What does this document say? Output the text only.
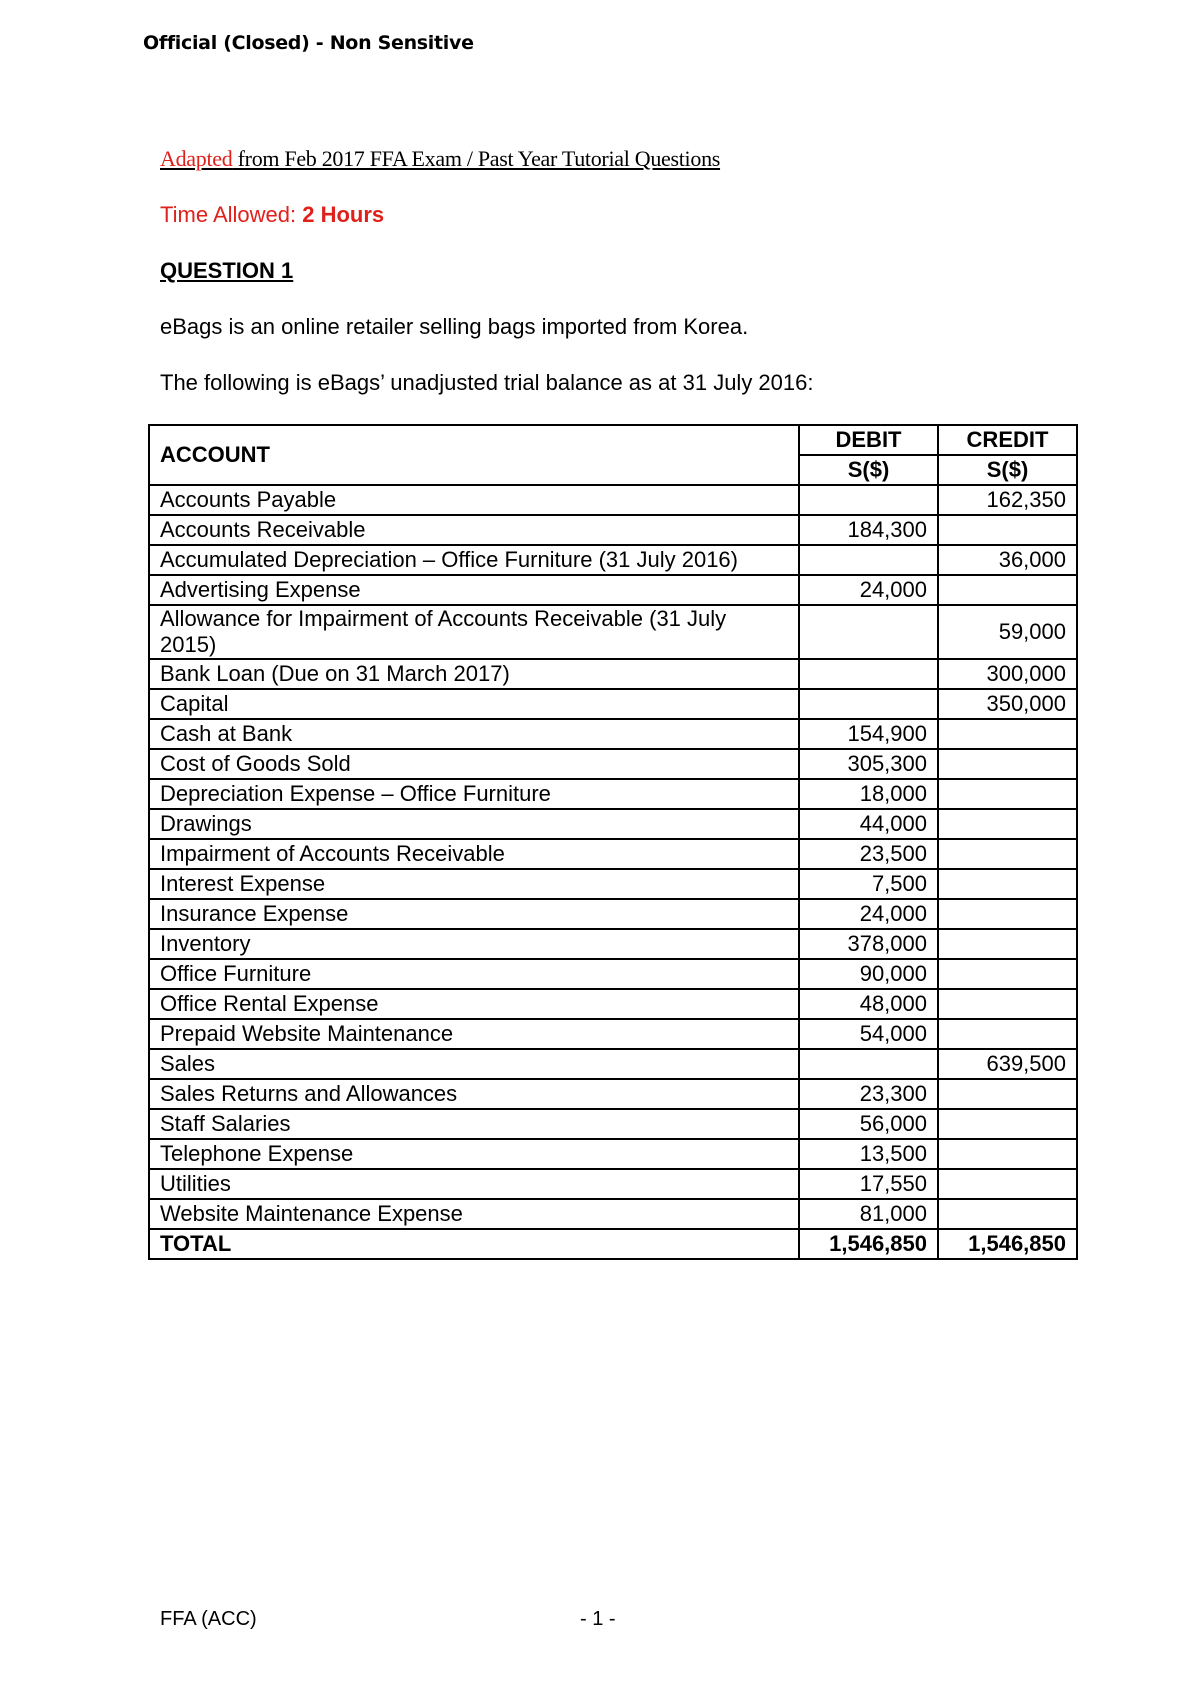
Official (Closed) - Non Sensitive
Adapted from Feb 2017 FFA Exam / Past Year Tutorial Questions
Time Allowed: 2 Hours
QUESTION 1
eBags is an online retailer selling bags imported from Korea.
The following is eBags’ unadjusted trial balance as at 31 July 2016:
ACCOUNT	DEBIT	CREDIT
	S($)	S($)
Accounts Payable		162,350
Accounts Receivable	184,300	
Accumulated Depreciation – Office Furniture (31 July 2016)		36,000
Advertising Expense	24,000	
Allowance for Impairment of Accounts Receivable (31 July 2015)		59,000
Bank Loan (Due on 31 March 2017)		300,000
Capital		350,000
Cash at Bank	154,900	
Cost of Goods Sold	305,300	
Depreciation Expense – Office Furniture	18,000	
Drawings	44,000	
Impairment of Accounts Receivable	23,500	
Interest Expense	7,500	
Insurance Expense	24,000	
Inventory	378,000	
Office Furniture	90,000	
Office Rental Expense	48,000	
Prepaid Website Maintenance	54,000	
Sales		639,500
Sales Returns and Allowances	23,300	
Staff Salaries	56,000	
Telephone Expense	13,500	
Utilities	17,550	
Website Maintenance Expense	81,000	
TOTAL	1,546,850	1,546,850
FFA (ACC)	- 1 -
